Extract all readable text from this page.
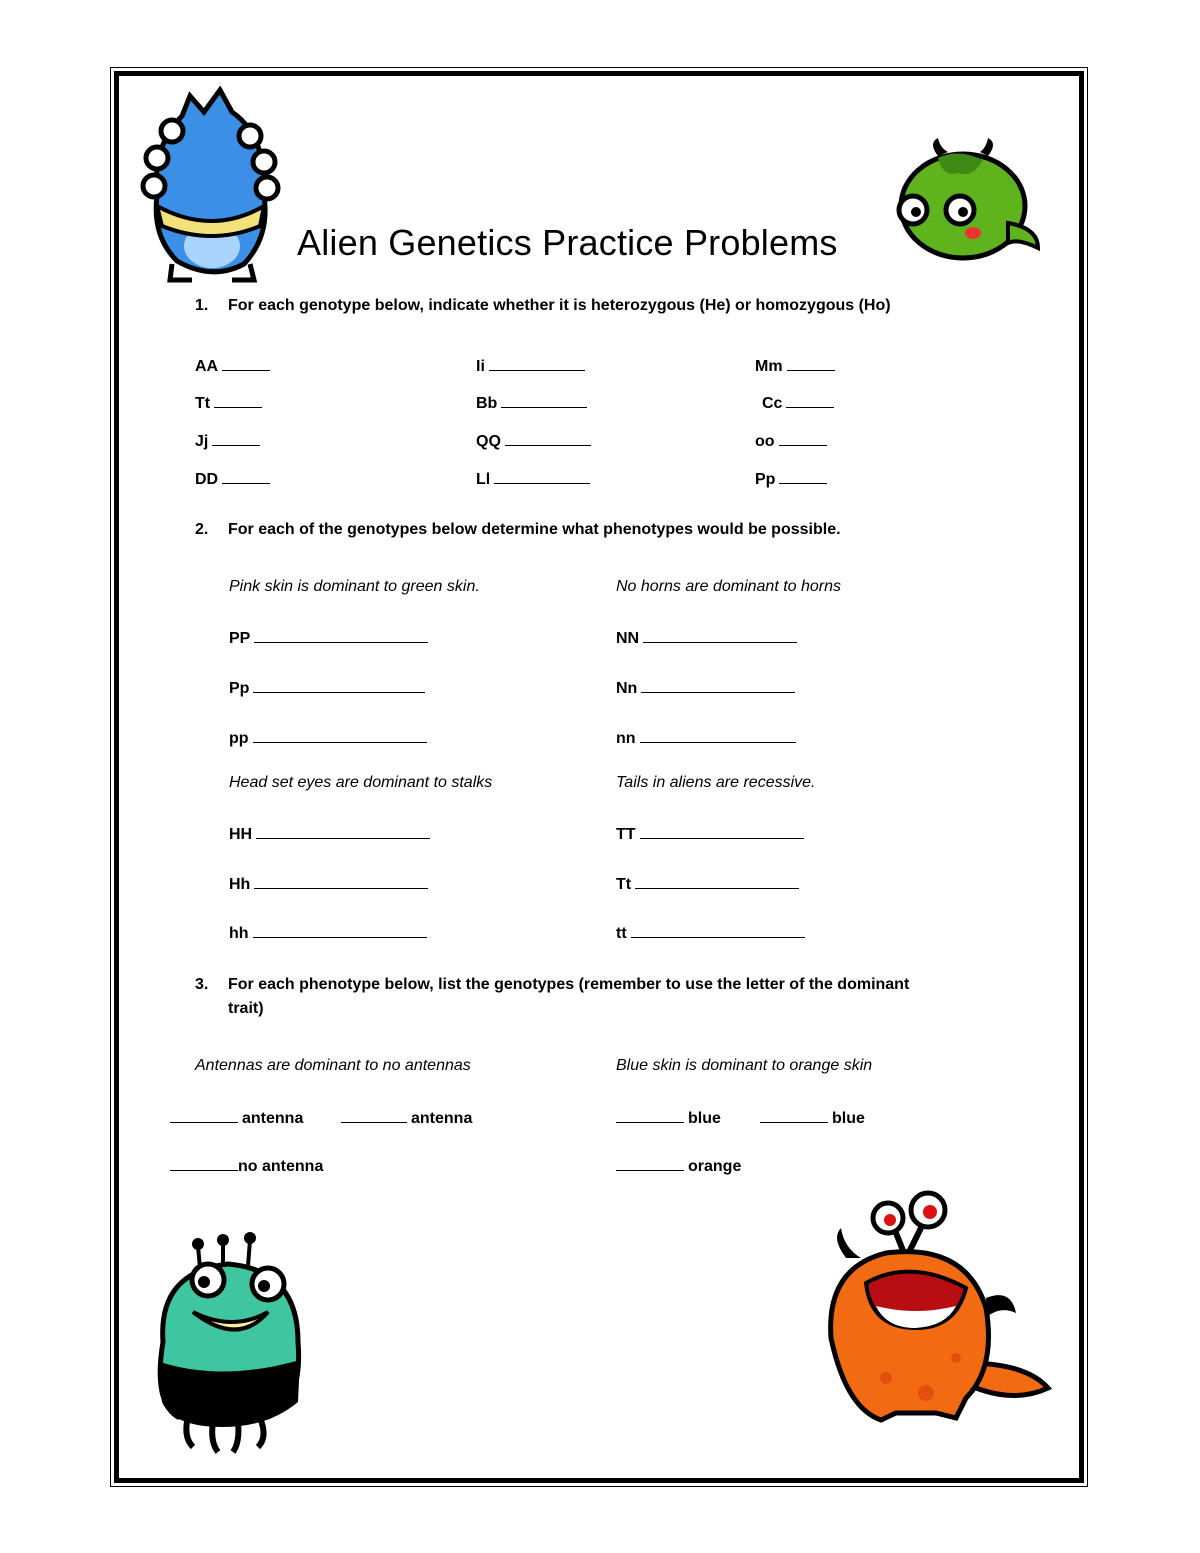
Alien Genetics Practice Problems
1. For each genotype below, indicate whether it is heterozygous (He) or homozygous (Ho)
AA	Ii	Mm
Tt	Bb	Cc
Jj	QQ	oo
DD	Ll	Pp
2. For each of the genotypes below determine what phenotypes would be possible.
Pink skin is dominant to green skin.	No horns are dominant to horns
PP	NN
Pp	Nn
pp	nn
Head set eyes are dominant to stalks	Tails in aliens are recessive.
HH	TT
Hh	Tt
hh	tt
3. For each phenotype below, list the genotypes (remember to use the letter of the dominant
trait)
Antennas are dominant to no antennas	Blue skin is dominant to orange skin
antenna	antenna	blue	blue
no antenna	orange
